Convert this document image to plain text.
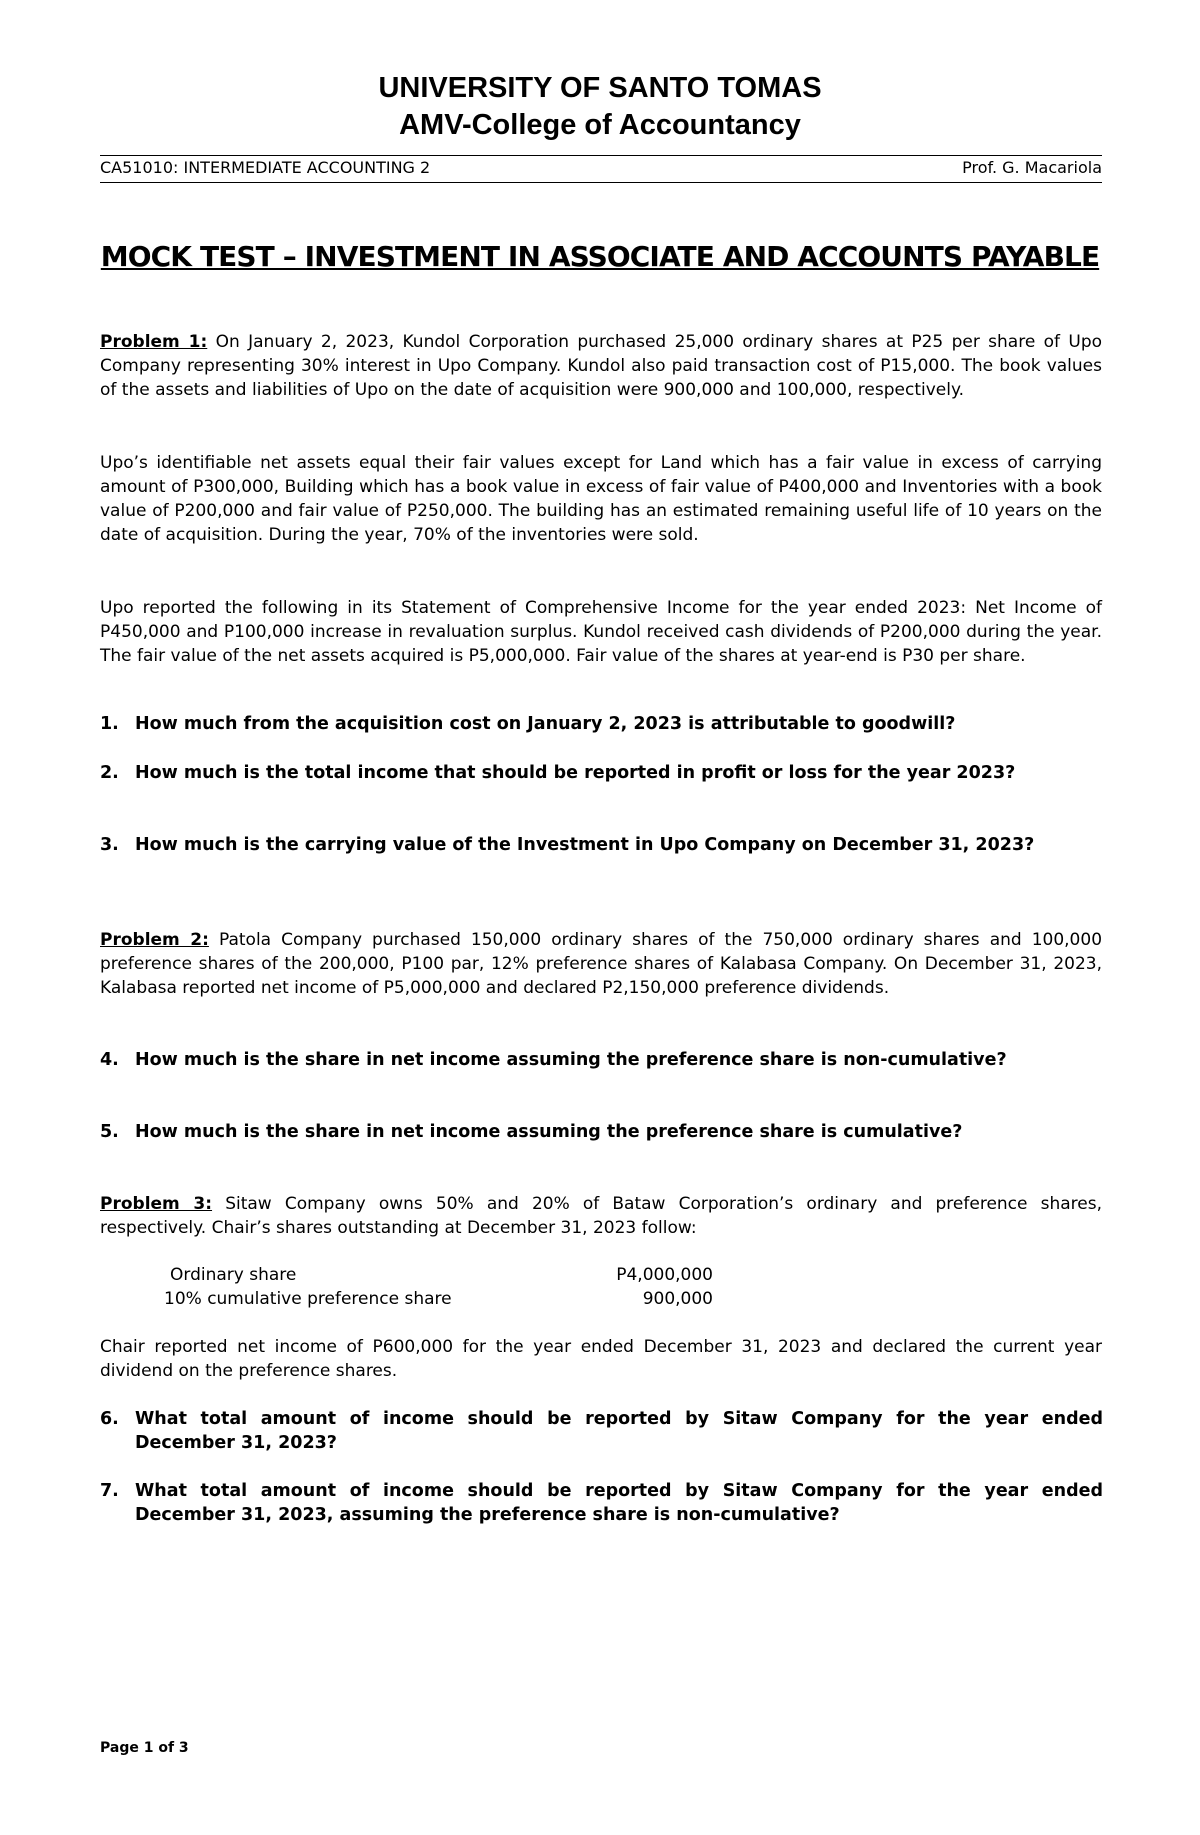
UNIVERSITY OF SANTO TOMAS
AMV-College of Accountancy
CA51010: INTERMEDIATE ACCOUNTING 2	Prof. G. Macariola
MOCK TEST – INVESTMENT IN ASSOCIATE AND ACCOUNTS PAYABLE

Problem 1: On January 2, 2023, Kundol Corporation purchased 25,000 ordinary shares at P25 per share of Upo Company representing 30% interest in Upo Company. Kundol also paid transaction cost of P15,000. The book values of the assets and liabilities of Upo on the date of acquisition were 900,000 and 100,000, respectively.

Upo’s identifiable net assets equal their fair values except for Land which has a fair value in excess of carrying amount of P300,000, Building which has a book value in excess of fair value of P400,000 and Inventories with a book value of P200,000 and fair value of P250,000. The building has an estimated remaining useful life of 10 years on the date of acquisition. During the year, 70% of the inventories were sold.

Upo reported the following in its Statement of Comprehensive Income for the year ended 2023: Net Income of P450,000 and P100,000 increase in revaluation surplus. Kundol received cash dividends of P200,000 during the year. The fair value of the net assets acquired is P5,000,000. Fair value of the shares at year-end is P30 per share.

1. How much from the acquisition cost on January 2, 2023 is attributable to goodwill?
2. How much is the total income that should be reported in profit or loss for the year 2023?
3. How much is the carrying value of the Investment in Upo Company on December 31, 2023?

Problem 2: Patola Company purchased 150,000 ordinary shares of the 750,000 ordinary shares and 100,000 preference shares of the 200,000, P100 par, 12% preference shares of Kalabasa Company. On December 31, 2023, Kalabasa reported net income of P5,000,000 and declared P2,150,000 preference dividends.

4. How much is the share in net income assuming the preference share is non-cumulative?
5. How much is the share in net income assuming the preference share is cumulative?

Problem 3: Sitaw Company owns 50% and 20% of Bataw Corporation’s ordinary and preference shares, respectively. Chair’s shares outstanding at December 31, 2023 follow:

Ordinary share	P4,000,000
10% cumulative preference share	900,000

Chair reported net income of P600,000 for the year ended December 31, 2023 and declared the current year dividend on the preference shares.

6. What total amount of income should be reported by Sitaw Company for the year ended December 31, 2023?
7. What total amount of income should be reported by Sitaw Company for the year ended December 31, 2023, assuming the preference share is non-cumulative?
Page 1 of 3
